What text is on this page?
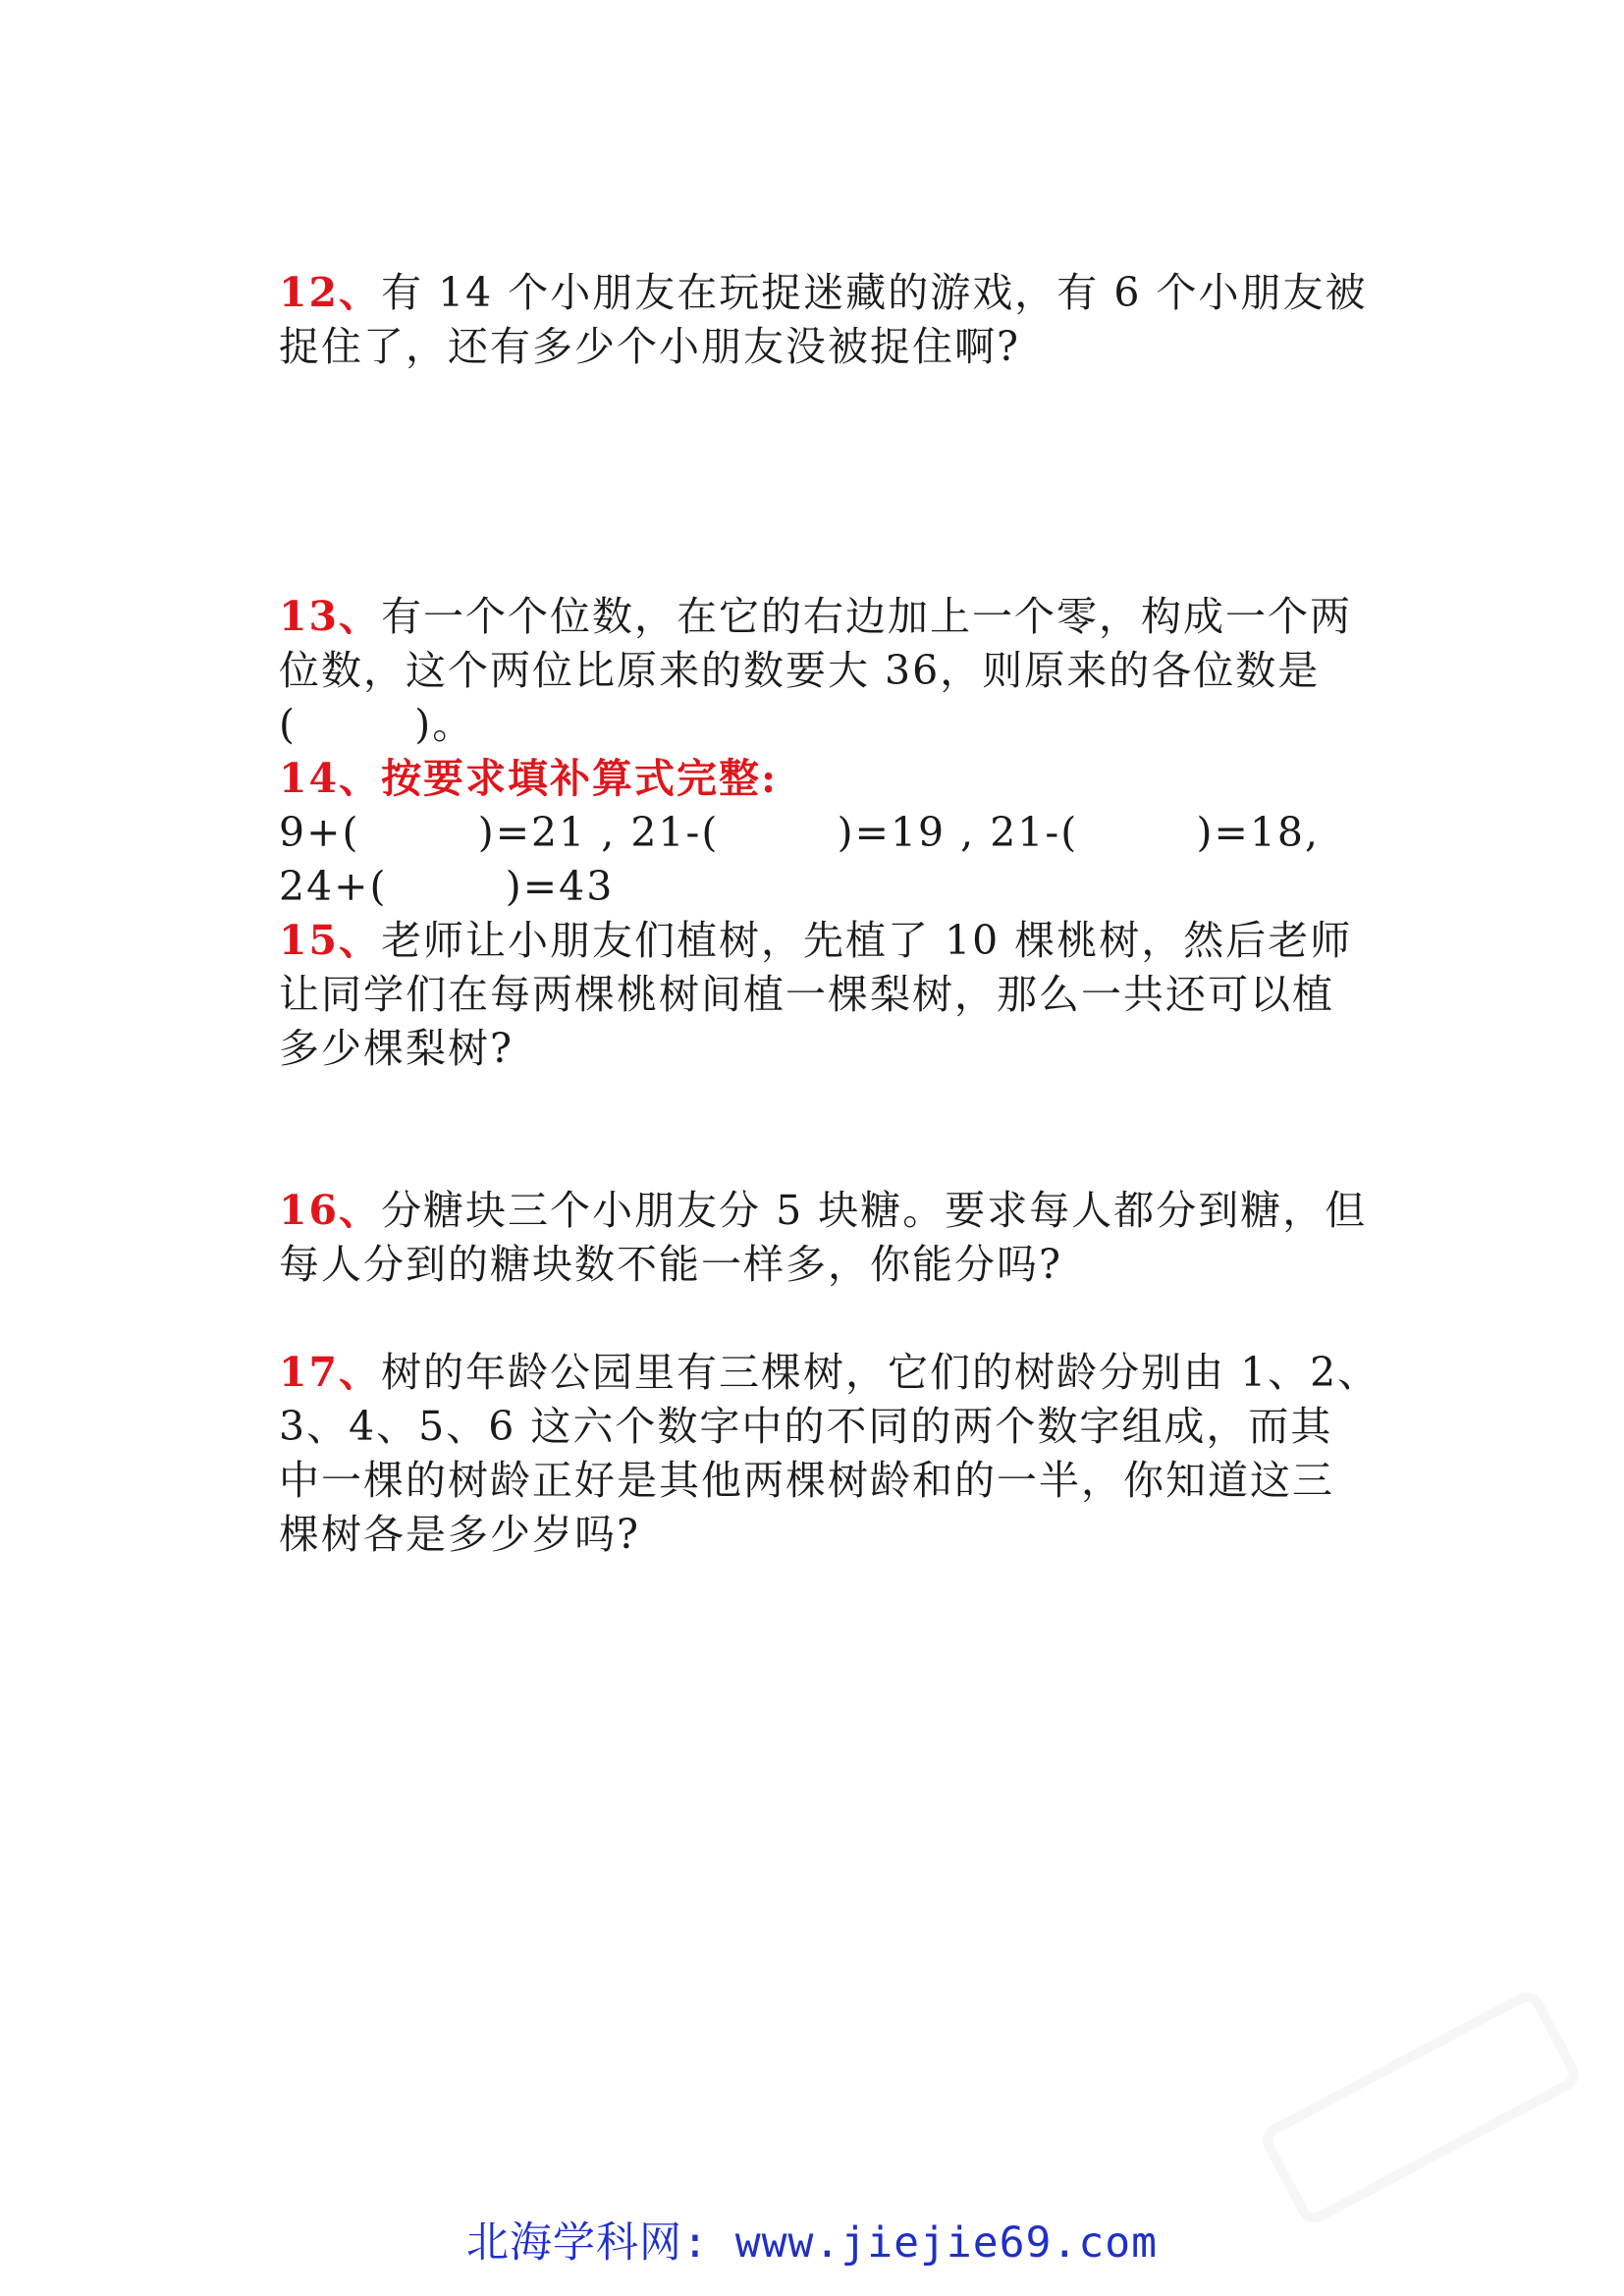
12、有 14 个小朋友在玩捉迷藏的游戏，有 6 个小朋友被
捉住了，还有多少个小朋友没被捉住啊?
13、有一个个位数，在它的右边加上一个零，构成一个两
位数，这个两位比原来的数要大 36，则原来的各位数是
(        )。
14、按要求填补算式完整:
9+(        )=21 , 21-(        )=19 , 21-(        )=18,
24+(        )=43
15、老师让小朋友们植树，先植了 10 棵桃树，然后老师
让同学们在每两棵桃树间植一棵梨树，那么一共还可以植
多少棵梨树?
16、分糖块三个小朋友分 5 块糖。要求每人都分到糖，但
每人分到的糖块数不能一样多，你能分吗?
17、树的年龄公园里有三棵树，它们的树龄分别由 1、2、
3、4、5、6 这六个数字中的不同的两个数字组成，而其
中一棵的树龄正好是其他两棵树龄和的一半，你知道这三
棵树各是多少岁吗?
北海学科网: www.jiejie69.com
